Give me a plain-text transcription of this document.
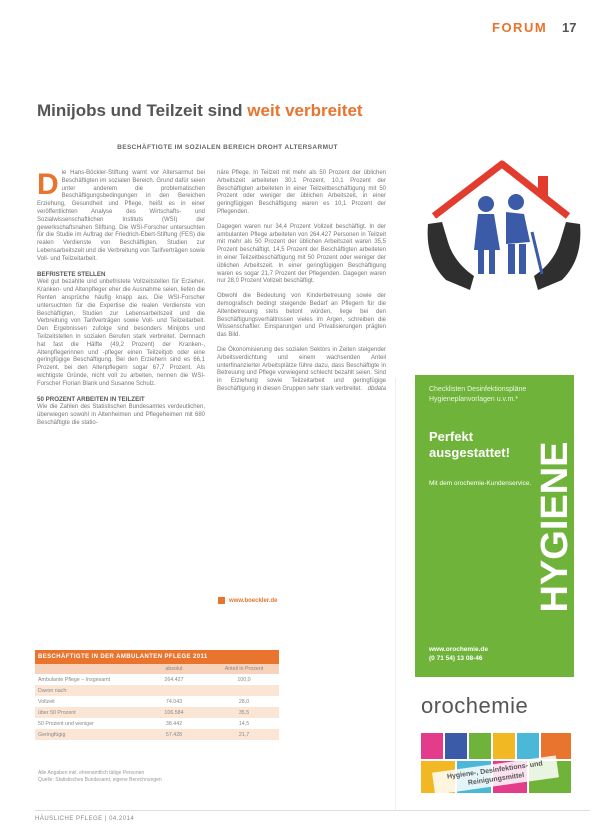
FORUM 17
Minijobs und Teilzeit sind weit verbreitet
BESCHÄFTIGTE IM SOZIALEN BEREICH DROHT ALTERSARMUT

Die Hans-Böckler-Stiftung warnt vor Altersarmut bei Beschäftigten im sozialen Bereich. Grund dafür seien unter anderem die problematischen Beschäftigungsbedingungen in den Bereichen Erziehung, Gesundheit und Pflege, heißt es in einer veröffentlichten Analyse des Wirtschafts- und Sozialwissenschaftlichen Instituts (WSI) der gewerkschaftsnahen Stiftung. Die WSI-Forscher untersuchten für die Studie im Auftrag der Friedrich-Ebert-Stiftung (FES) die realen Verdienste von Beschäftigten, Studien zur Lebensarbeitszeit und die Verbreitung von Tarifverträgen sowie Voll- und Teilzeitarbeit.

BEFRISTETE STELLEN

Weil gut bezahlte und unbefristete Vollzeitstellen für Erzieher, Kranken- und Altenpfleger eher die Ausnahme seien, liefen die Renten ansprüche häufig knapp aus. Die WSI-Forscher untersuchten für die Expertise die realen Verdienste von Beschäftigten, Studien zur Lebensarbeitszeit und die Verbreitung von Tarifverträgen sowie Voll- und Teilzeitarbeit. Den Ergebnissen zufolge sind besonders Minijobs und Teilzeitstellen in sozialen Berufen stark verbreitet. Demnach hat fast die Hälfte (49,2 Prozent) der Kranken-, Altenpflegerinnen und -pfleger einen Teilzeitjob oder eine geringfügige Beschäftigung. Bei den Erziehern sind es 66,1 Prozent, bei den Altenpflegern sogar 67,7 Prozent. Als wichtigste Gründe, nicht voll zu arbeiten, nennen die WSI-Forscher Florian Blank und Susanne Schulz.

50 PROZENT ARBEITEN IN TEILZEIT

Wie die Zahlen des Statistischen Bundesamtes verdeutlichen, überwiegen sowohl in Altenheimen und Pflegeheimen mit 680 Beschäftigte die statio-

näre Pflege. In Teilzeit mit mehr als 50 Prozent der üblichen Arbeitszeit arbeiteten 30,1 Prozent, 10,1 Prozent der Beschäftigten arbeiteten in einer Teilzeitbeschäftigung mit 50 Prozent oder weniger der üblichen Arbeitszeit, in einer geringfügigen Beschäftigung waren es 10,1 Prozent der Pflegenden.

Dagegen waren nur 34,4 Prozent Vollzeit beschäftigt. In der ambulanten Pflege arbeiteten von 264.427 Personen in Teilzeit mit mehr als 50 Prozent der üblichen Arbeitszeit waren 35,5 Prozent beschäftigt, 14,5 Prozent der Beschäftigten arbeiteten in einer Teilzeitbeschäftigung mit 50 Prozent oder weniger der üblichen Arbeitszeit. In einer geringfügigen Beschäftigung waren es sogar 21,7 Prozent der Pflegenden. Dagegen waren nur 28,0 Prozent Vollzeit beschäftigt.

Obwohl die Bedeutung von Kinderbetreuung sowie der demografisch bedingt steigende Bedarf an Pflegern für die Altenbetreuung stets betont würden, liege bei den Beschäftigungsverhältnissen vieles im Argen, schreiben die Wissenschaftler. Einsparungen und Privatisierungen prägten das Bild.

Die Ökonomisierung des sozialen Sektors in Zeiten steigender Arbeitsverdichtung und einem wachsenden Anteil unterfinanzierter Arbeitsplätze führe dazu, dass Beschäftigte in Betreuung und Pflege vorwiegend schlecht bezahlt seien. Sind in Erziehung sowie Teilzeitarbeit und geringfügige Beschäftigung in diesen Gruppen sehr stark verbreitet. dbdata

www.boeckler.de
BESCHÄFTIGTE IN DER AMBULANTEN PFLEGE 2011		
	absolut	Anteil in Prozent
Ambulante Pflege – Insgesamt	264.427	100,0
Davon nach:		
Vollzeit	74.043	28,0
über 50 Prozent	106.584	35,5
50 Prozent und weniger	38.442	14,5
Geringfügig	57.428	21,7
Alle Angaben inkl. ehrenamtlich tätige Personen
Quelle: Statistisches Bundesamt, eigene Berechnungen
Checklisten Desinfektionspläne Hygieneplanvorlagen u.v.m.*
Perfekt ausgestattet!
Mit dem orochemie-Kundenservice. HYGIENE
www.orochemie.de
(0 71 54) 13 08-46
orochemie
Hygiene-, Desinfektions- und Reinigungsmittel
HÄUSLICHE PFLEGE | 04.2014
